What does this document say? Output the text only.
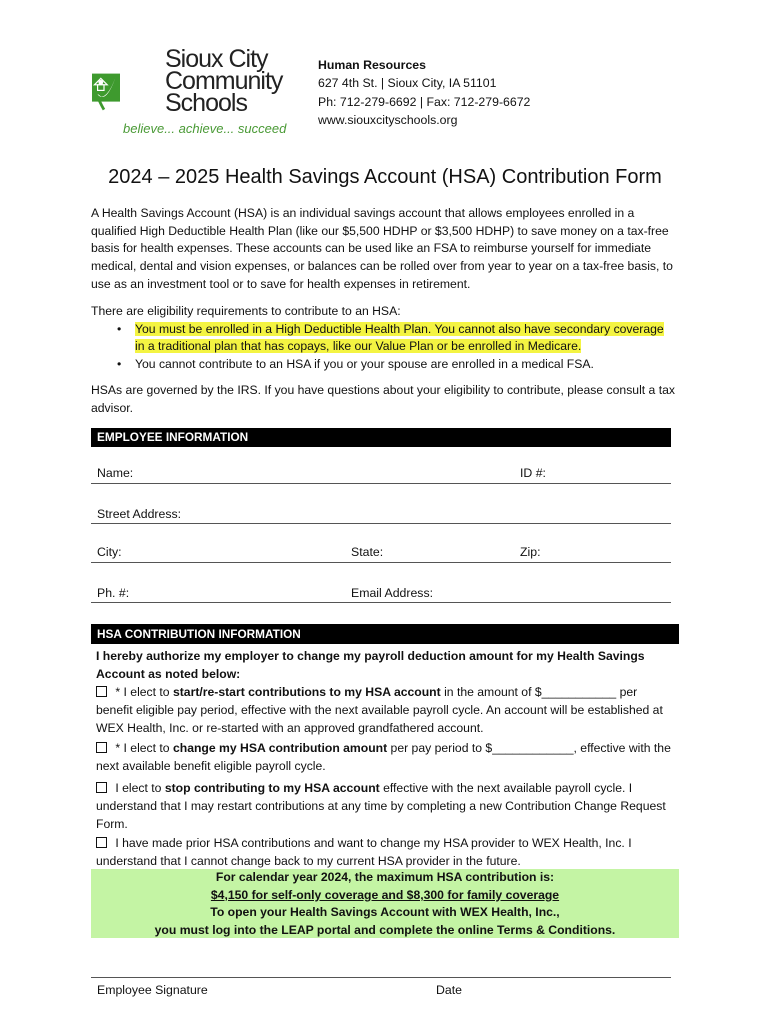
Sioux City
Community
Schools
believe... achieve... succeed
Human Resources
627 4th St. | Sioux City, IA 51101
Ph: 712-279-6692 | Fax: 712-279-6672
www.siouxcityschools.org
2024 – 2025 Health Savings Account (HSA) Contribution Form
A Health Savings Account (HSA) is an individual savings account that allows employees enrolled in a qualified High Deductible Health Plan (like our $5,500 HDHP or $3,500 HDHP) to save money on a tax-free basis for health expenses. These accounts can be used like an FSA to reimburse yourself for immediate medical, dental and vision expenses, or balances can be rolled over from year to year on a tax-free basis, to use as an investment tool or to save for health expenses in retirement.
There are eligibility requirements to contribute to an HSA:
• You must be enrolled in a High Deductible Health Plan. You cannot also have secondary coverage in a traditional plan that has copays, like our Value Plan or be enrolled in Medicare.
• You cannot contribute to an HSA if you or your spouse are enrolled in a medical FSA.
HSAs are governed by the IRS. If you have questions about your eligibility to contribute, please consult a tax advisor.
EMPLOYEE INFORMATION
Name:	ID #:
Street Address:
City:	State:	Zip:
Ph. #:	Email Address:
HSA CONTRIBUTION INFORMATION
I hereby authorize my employer to change my payroll deduction amount for my Health Savings Account as noted below:
* I elect to start/re-start contributions to my HSA account in the amount of $___________ per benefit eligible pay period, effective with the next available payroll cycle. An account will be established at WEX Health, Inc. or re-started with an approved grandfathered account.
* I elect to change my HSA contribution amount per pay period to $____________, effective with the next available benefit eligible payroll cycle.
I elect to stop contributing to my HSA account effective with the next available payroll cycle. I understand that I may restart contributions at any time by completing a new Contribution Change Request Form.
I have made prior HSA contributions and want to change my HSA provider to WEX Health, Inc. I understand that I cannot change back to my current HSA provider in the future.
For calendar year 2024, the maximum HSA contribution is:
$4,150 for self-only coverage and $8,300 for family coverage
To open your Health Savings Account with WEX Health, Inc.,
you must log into the LEAP portal and complete the online Terms & Conditions.
Employee Signature	Date
